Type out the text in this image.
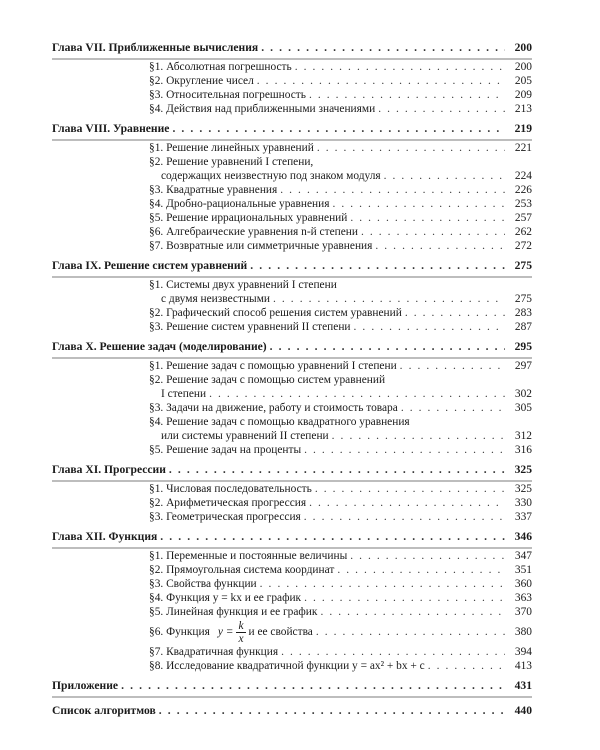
Глава VII. Приближенные вычисления . . .	200
§1. Абсолютная погрешность . . .	200
§2. Округление чисел . . .	205
§3. Относительная погрешность . . .	209
§4. Действия над приближенными значениями . . .	213
Глава VIII. Уравнение . . .	219
§1. Решение линейных уравнений . . .	221
§2. Решение уравнений I степени,
содержащих неизвестную под знаком модуля . . .	224
§3. Квадратные уравнения . . .	226
§4. Дробно-рациональные уравнения . . .	253
§5. Решение иррациональных уравнений . . .	257
§6. Алгебраические уравнения n-й степени . . .	262
§7. Возвратные или симметричные уравнения . . .	272
Глава IX. Решение систем уравнений . . .	275
§1. Системы двух уравнений I степени
с двумя неизвестными . . .	275
§2. Графический способ решения систем уравнений . . .	283
§3. Решение систем уравнений II степени . . .	287
Глава X. Решение задач (моделирование) . . .	295
§1. Решение задач с помощью уравнений I степени . . .	297
§2. Решение задач с помощью систем уравнений
I степени . . .	302
§3. Задачи на движение, работу и стоимость товара . . .	305
§4. Решение задач с помощью квадратного уравнения
или системы уравнений II степени . . .	312
§5. Решение задач на проценты . . .	316
Глава XI. Прогрессии . . .	325
§1. Числовая последовательность . . .	325
§2. Арифметическая прогрессия . . .	330
§3. Геометрическая прогрессия . . .	337
Глава XII. Функция . . .	346
§1. Переменные и постоянные величины . . .	347
§2. Прямоугольная система координат . . .	351
§3. Свойства функции . . .	360
§4. Функция y = kx и ее график . . .	363
§5. Линейная функция и ее график . . .	370
§6. Функция $y = \frac{k}{x}$ и ее свойства . . .	380
§7. Квадратичная функция . . .	394
§8. Исследование квадратичной функции y = ax² + bx + c . . .	413
Приложение . . .	431
Список алгоритмов . . .	440
